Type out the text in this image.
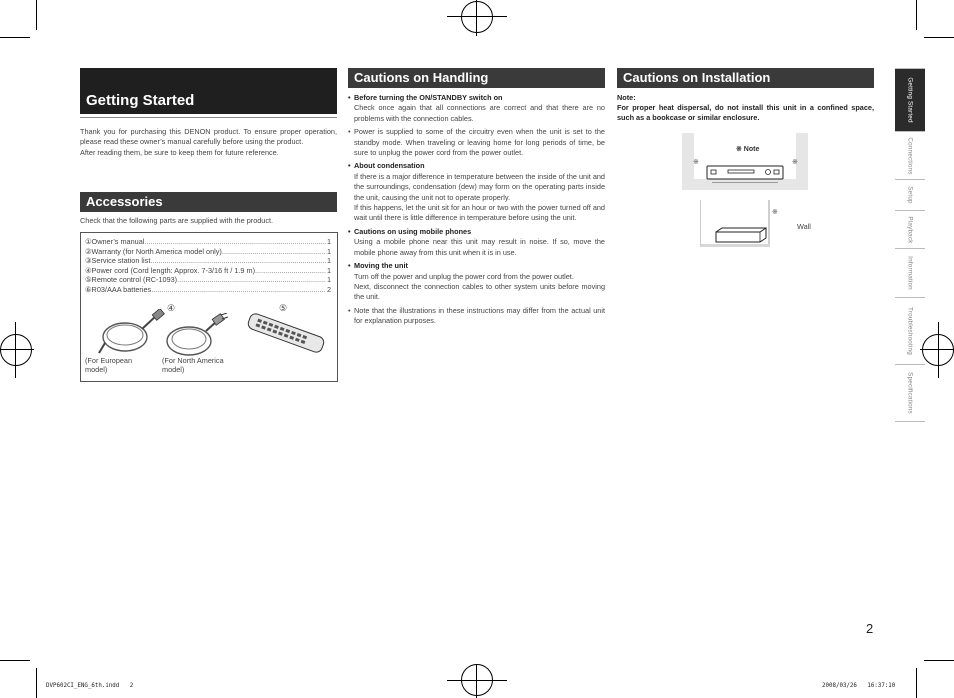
Getting Started
Thank you for purchasing this DENON product. To ensure proper operation, please read these owner’s manual carefully before using the product.
After reading them, be sure to keep them for future reference.
Accessories
Check that the following parts are supplied with the product.
① Owner’s manual .....	1
② Warranty (for North America model only) .....	1
③ Service station list .....	1
④ Power cord (Cord length: Approx. 7-3/16 ft / 1.9 m) .....	1
⑤ Remote control (RC-1093) .....	1
⑥ R03/AAA batteries .....	2
④	⑤
(For European model)
(For North America model)
Cautions on Handling
• Before turning the ON/STANDBY switch on
Check once again that all connections are correct and that there are no problems with the connection cables.
• Power is supplied to some of the circuitry even when the unit is set to the standby mode. When traveling or leaving home for long periods of time, be sure to unplug the power cord from the power outlet.
• About condensation
If there is a major difference in temperature between the inside of the unit and the surroundings, condensation (dew) may form on the operating parts inside the unit, causing the unit not to operate properly.
If this happens, let the unit sit for an hour or two with the power turned off and wait until there is little difference in temperature before using the unit.
• Cautions on using mobile phones
Using a mobile phone near this unit may result in noise. If so, move the mobile phone away from this unit when it is in use.
• Moving the unit
Turn off the power and unplug the power cord from the power outlet.
Next, disconnect the connection cables to other system units before moving the unit.
• Note that the illustrations in these instructions may differ from the actual unit for explanation purposes.
Cautions on Installation
Note:
For proper heat dispersal, do not install this unit in a confined space, such as a bookcase or similar enclosure.
※ Note
※	※
※
Wall
Getting Started
Connections
Setup
Playback
Information
Troubleshooting
Specifications
2
DVP602CI_ENG_6th.indd   2	2008/03/26   16:37:10
